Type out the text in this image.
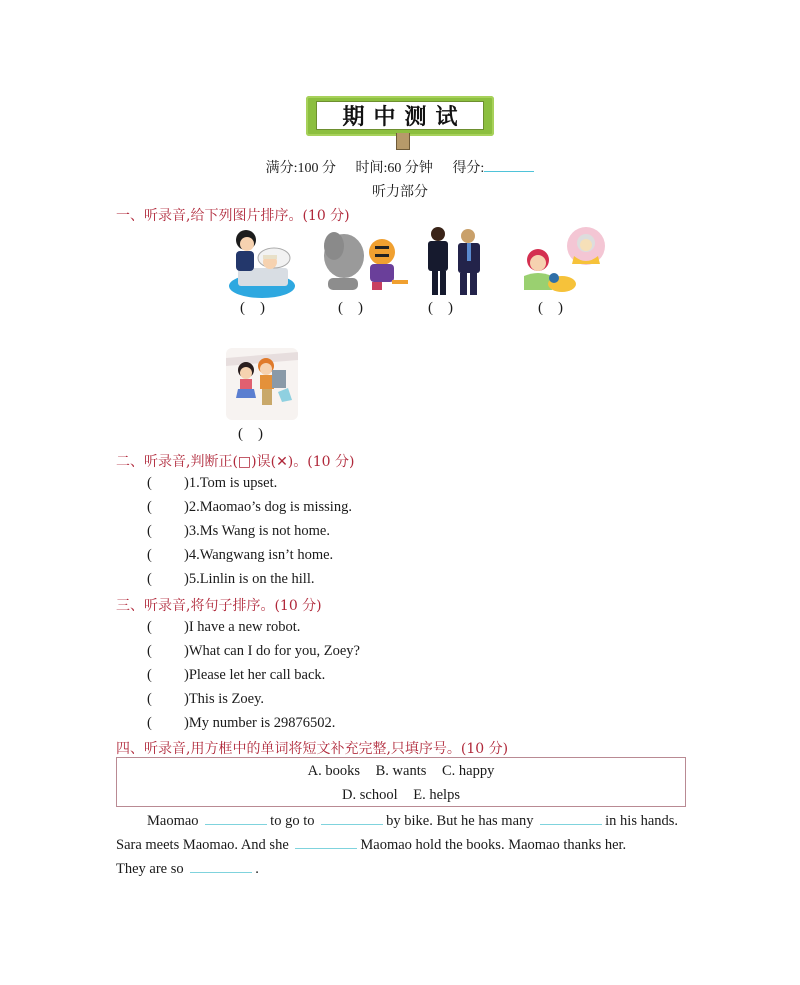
期中测试
满分:100 分 时间:60 分钟 得分:
听力部分
一、听录音,给下列图片排序。(10 分)
(    )	(    )	(    )	(    )
(    )
二、听录音,判断正(□)误(✕)。(10 分)
( )1.Tom is upset.
( )2.Maomao’s dog is missing.
( )3.Ms Wang is not home.
( )4.Wangwang isn’t home.
( )5.Linlin is on the hill.
三、听录音,将句子排序。(10 分)
( )I have a new robot.
( )What can I do for you, Zoey?
( )Please let her call back.
( )This is Zoey.
( )My number is 29876502.
四、听录音,用方框中的单词将短文补充完整,只填序号。(10 分)
A. books B. wants C. happy
D. school E. helps
Maomao	to go to	by bike. But he has many	in his hands.
Sara meets Maomao. And she	Maomao hold the books. Maomao thanks her.
They are so	.
